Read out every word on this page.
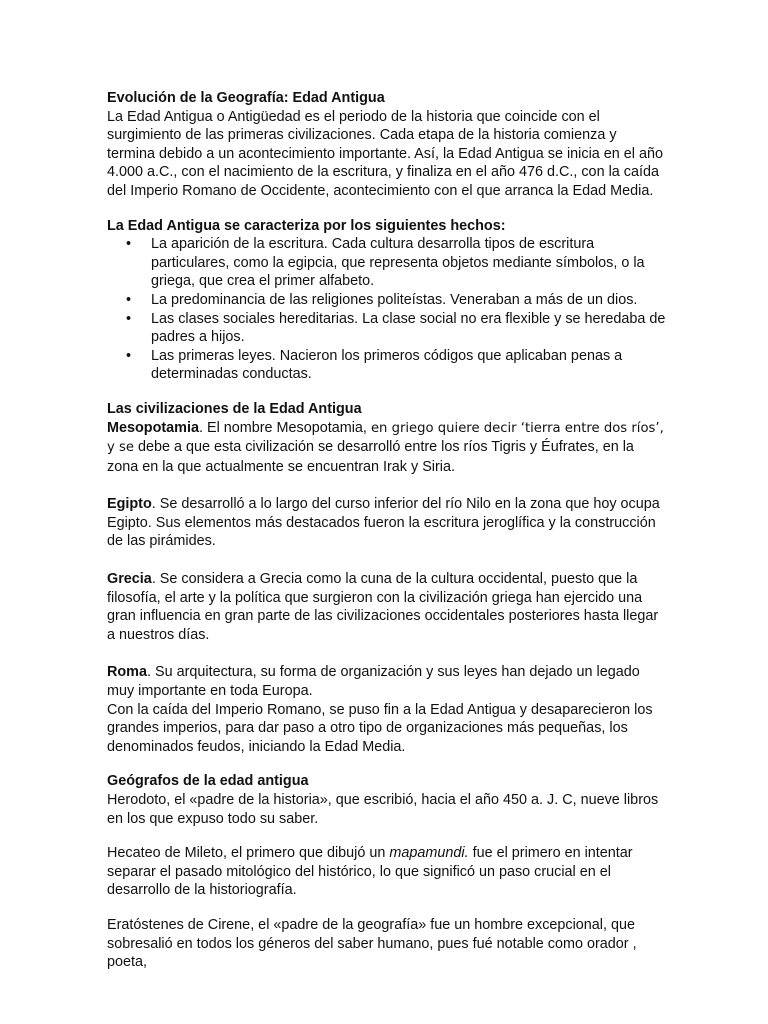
Evolución de la Geografía: Edad Antigua

La Edad Antigua o Antigüedad es el periodo de la historia que coincide con el surgimiento de las primeras civilizaciones. Cada etapa de la historia comienza y termina debido a un acontecimiento importante. Así, la Edad Antigua se inicia en el año 4.000 a.C., con el nacimiento de la escritura, y finaliza en el año 476 d.C., con la caída del Imperio Romano de Occidente, acontecimiento con el que arranca la Edad Media.

La Edad Antigua se caracteriza por los siguientes hechos:
• La aparición de la escritura. Cada cultura desarrolla tipos de escritura particulares, como la egipcia, que representa objetos mediante símbolos, o la griega, que crea el primer alfabeto.
• La predominancia de las religiones politeístas. Veneraban a más de un dios.
• Las clases sociales hereditarias. La clase social no era flexible y se heredaba de padres a hijos.
• Las primeras leyes. Nacieron los primeros códigos que aplicaban penas a determinadas conductas.
Las civilizaciones de la Edad Antigua

Mesopotamia. El nombre Mesopotamia, en griego quiere decir ‘tierra entre dos ríos’, y se debe a que esta civilización se desarrolló entre los ríos Tigris y Éufrates, en la zona en la que actualmente se encuentran Irak y Siria.

Egipto. Se desarrolló a lo largo del curso inferior del río Nilo en la zona que hoy ocupa Egipto. Sus elementos más destacados fueron la escritura jeroglífica y la construcción de las pirámides.

Grecia. Se considera a Grecia como la cuna de la cultura occidental, puesto que la filosofía, el arte y la política que surgieron con la civilización griega han ejercido una gran influencia en gran parte de las civilizaciones occidentales posteriores hasta llegar a nuestros días.

Roma. Su arquitectura, su forma de organización y sus leyes han dejado un legado muy importante en toda Europa.

Con la caída del Imperio Romano, se puso fin a la Edad Antigua y desaparecieron los grandes imperios, para dar paso a otro tipo de organizaciones más pequeñas, los denominados feudos, iniciando la Edad Media.

Geógrafos de la edad antigua

Herodoto, el «padre de la historia», que escribió, hacia el año 450 a. J. C, nueve libros en los que expuso todo su saber.

Hecateo de Mileto, el primero que dibujó un mapamundi. fue el primero en intentar separar el pasado mitológico del histórico, lo que significó un paso crucial en el desarrollo de la historiografía.

Eratóstenes de Cirene, el «padre de la geografía» fue un hombre excepcional, que sobresalió en todos los géneros del saber humano, pues fué notable como orador , poeta,
